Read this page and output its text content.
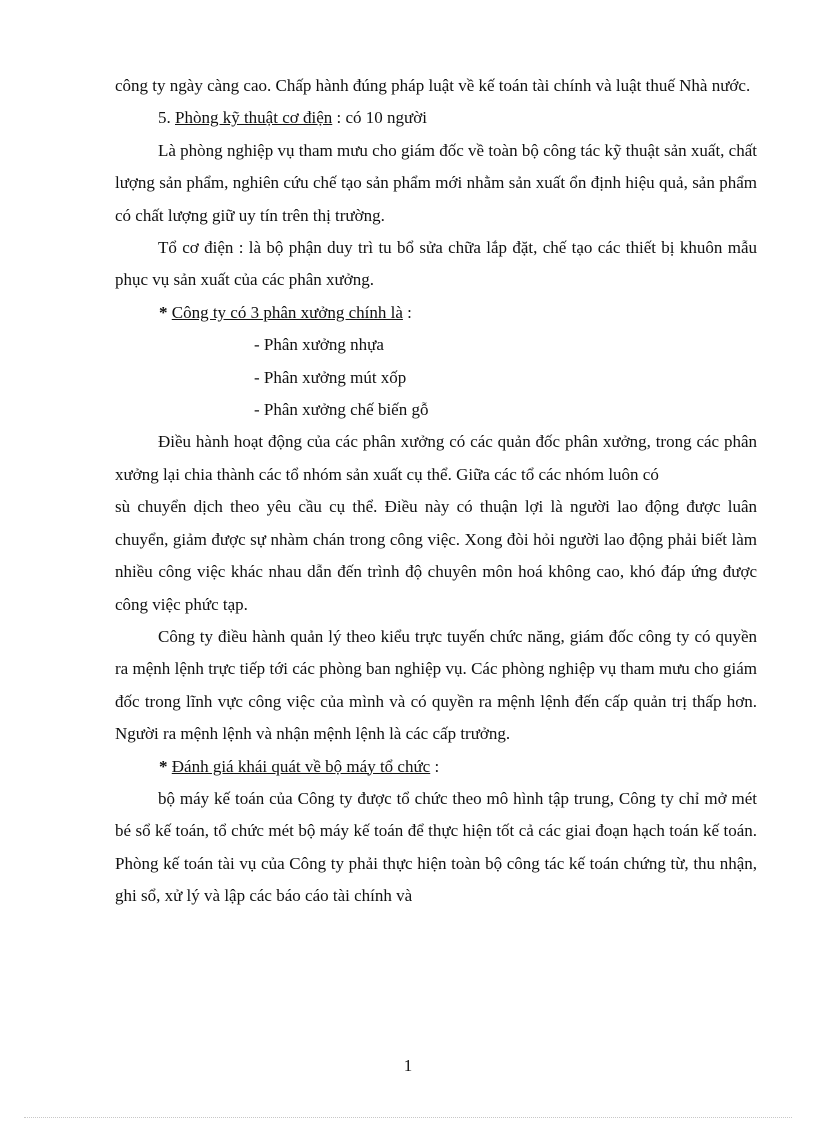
công ty ngày càng cao. Chấp hành đúng pháp luật về kế toán tài chính và luật thuế Nhà nước.

5. Phòng kỹ thuật cơ điện : có 10 người

Là phòng nghiệp vụ tham mưu cho giám đốc về toàn bộ công tác kỹ thuật sản xuất, chất lượng sản phẩm, nghiên cứu chế tạo sản phẩm mới nhằm sản xuất ổn định hiệu quả, sản phẩm có chất lượng giữ uy tín trên thị trường.

Tổ cơ điện : là bộ phận duy trì tu bổ sửa chữa lắp đặt, chế tạo các thiết bị khuôn mẫu phục vụ sản xuất của các phân xưởng.

* Công ty có 3 phân xưởng chính là :

- Phân xưởng nhựa

- Phân xưởng mút xốp

- Phân xưởng chế biến gỗ

Điều hành hoạt động của các phân xưởng có các quản đốc phân xưởng, trong các phân xưởng lại chia thành các tổ nhóm sản xuất cụ thể. Giữa các tổ các nhóm luôn có

sù chuyển dịch theo yêu cầu cụ thể. Điều này có thuận lợi là người lao động được luân chuyển, giảm được sự nhàm chán trong công việc. Xong đòi hỏi người lao động phải biết làm nhiều công việc khác nhau dẫn đến trình độ chuyên môn hoá không cao, khó đáp ứng được công việc phức tạp.

Công ty điều hành quản lý theo kiểu trực tuyến chức năng, giám đốc công ty có quyền ra mệnh lệnh trực tiếp tới các phòng ban nghiệp vụ. Các phòng nghiệp vụ tham mưu cho giám đốc trong lĩnh vực công việc của mình và có quyền ra mệnh lệnh đến cấp quản trị thấp hơn. Người ra mệnh lệnh và nhận mệnh lệnh là các cấp trưởng.

* Đánh giá khái quát về bộ máy tổ chức :

bộ máy kế toán của Công ty được tổ chức theo mô hình tập trung, Công ty chỉ mở mét bé sổ kế toán, tổ chức mét bộ máy kế toán để thực hiện tốt cả các giai đoạn hạch toán kế toán. Phòng kế toán tài vụ của Công ty phải thực hiện toàn bộ công tác kế toán chứng từ, thu nhận, ghi sổ, xử lý và lập các báo cáo tài chính và

1
